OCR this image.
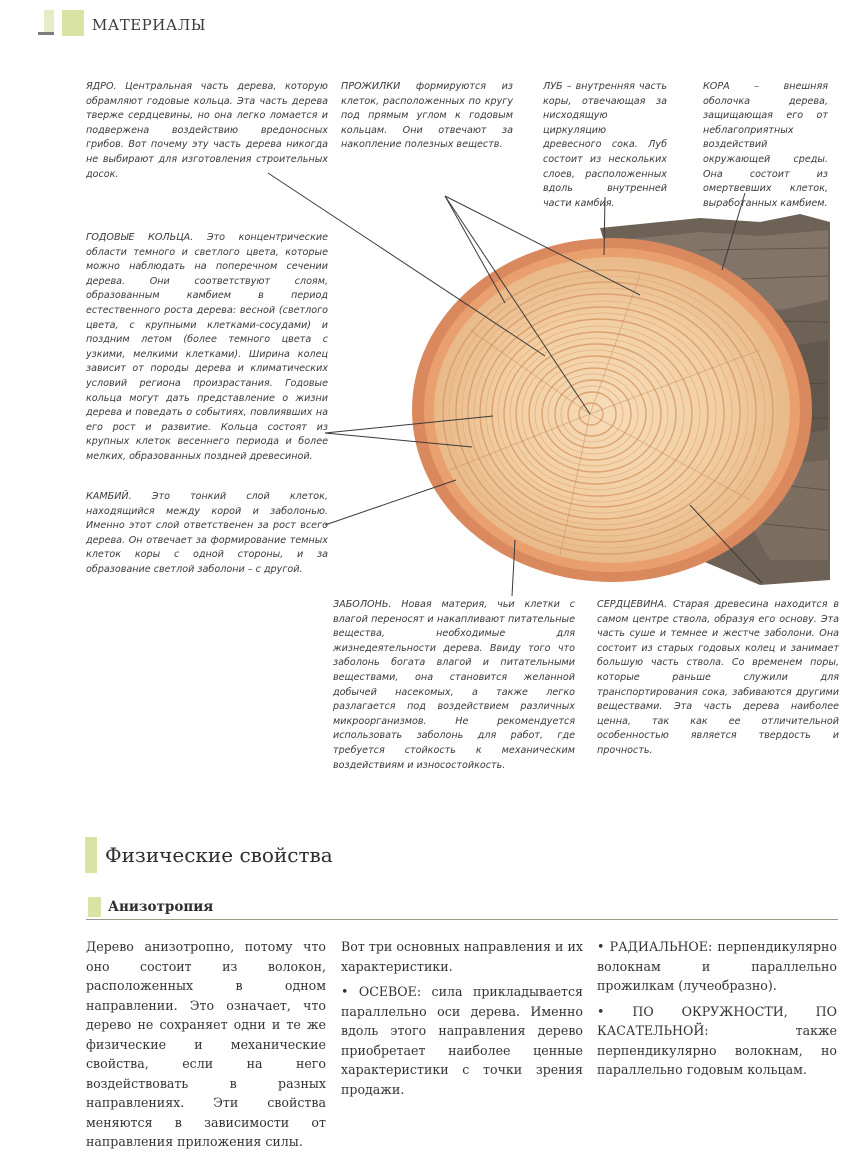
МАТЕРИАЛЫ

ЯДРО. Центральная часть дерева, которую обрамляют годовые кольца. Эта часть дерева тверже сердцевины, но она легко ломается и подвержена воздействию вредоносных грибов. Вот почему эту часть дерева никогда не выбирают для изготовления строительных досок.

ПРОЖИЛКИ формируются из клеток, расположенных по кругу под прямым углом к годовым кольцам. Они отвечают за накопление полезных веществ.

ЛУБ – внутренняя часть коры, отвечающая за нисходящую циркуляцию древесного сока. Луб состоит из нескольких слоев, расположенных вдоль внутренней части камбия.

КОРА – внешняя оболочка дерева, защищающая его от неблагоприятных воздействий окружающей среды. Она состоит из омертвевших клеток, выработанных камбием.

ГОДОВЫЕ КОЛЬЦА. Это концентрические области темного и светлого цвета, которые можно наблюдать на поперечном сечении дерева. Они соответствуют слоям, образованным камбием в период естественного роста дерева: весной (светлого цвета, с крупными клетками-сосудами) и поздним летом (более темного цвета с узкими, мелкими клетками). Ширина колец зависит от породы дерева и климатических условий региона произрастания. Годовые кольца могут дать представление о жизни дерева и поведать о событиях, повлиявших на его рост и развитие. Кольца состоят из крупных клеток весеннего периода и более мелких, образованных поздней древесиной.

КАМБИЙ. Это тонкий слой клеток, находящийся между корой и заболонью. Именно этот слой ответственен за рост всего дерева. Он отвечает за формирование темных клеток коры с одной стороны, и за образование светлой заболони – с другой.

ЗАБОЛОНЬ. Новая материя, чьи клетки с влагой переносят и накапливают питательные вещества, необходимые для жизнедеятельности дерева. Ввиду того что заболонь богата влагой и питательными веществами, она становится желанной добычей насекомых, а также легко разлагается под воздействием различных микроорганизмов. Не рекомендуется использовать заболонь для работ, где требуется стойкость к механическим воздействиям и износостойкость.

СЕРДЦЕВИНА. Старая древесина находится в самом центре ствола, образуя его основу. Эта часть суше и темнее и жестче заболони. Она состоит из старых годовых колец и занимает большую часть ствола. Со временем поры, которые раньше служили для транспортирования сока, забиваются другими веществами. Эта часть дерева наиболее ценна, так как ее отличительной особенностью является твердость и прочность.

Физические свойства
Анизотропия

Дерево анизотропно, потому что оно состоит из волокон, расположенных в одном направлении. Это означает, что дерево не сохраняет одни и те же физические и механические свойства, если на него воздействовать в разных направлениях. Эти свойства меняются в зависимости от направления приложения силы.

Вот три основных направления и их характеристики.

• ОСЕВОЕ: сила прикладывается параллельно оси дерева. Именно вдоль этого направления дерево приобретает наиболее ценные характеристики с точки зрения продажи.

• РАДИАЛЬНОЕ: перпендикулярно волокнам и параллельно прожилкам (лучеобразно).

• ПО ОКРУЖНОСТИ, ПО КАСАТЕЛЬНОЙ: также перпендикулярно волокнам, но параллельно годовым кольцам.
